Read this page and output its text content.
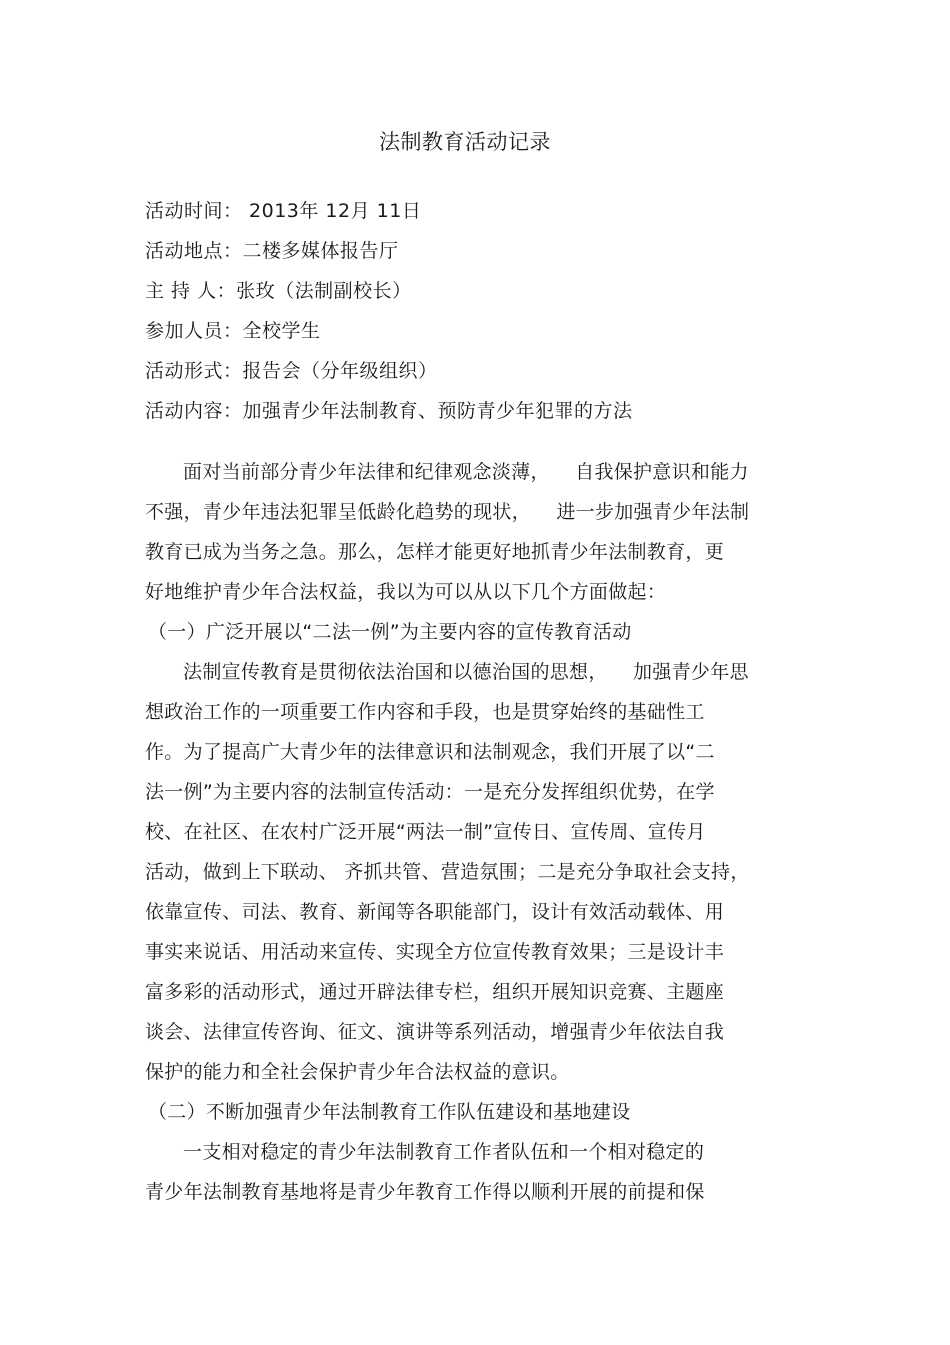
法制教育活动记录
活动时间： 2013年 12月 11日
活动地点：二楼多媒体报告厅
主 持 人：张玫（法制副校长）
参加人员：全校学生
活动形式：报告会（分年级组织）
活动内容：加强青少年法制教育、预防青少年犯罪的方法
面对当前部分青少年法律和纪律观念淡薄，    自我保护意识和能力
不强，青少年违法犯罪呈低龄化趋势的现状，    进一步加强青少年法制
教育已成为当务之急。那么，怎样才能更好地抓青少年法制教育，更
好地维护青少年合法权益，我以为可以从以下几个方面做起：
（一）广泛开展以“二法一例”为主要内容的宣传教育活动
法制宣传教育是贯彻依法治国和以德治国的思想，    加强青少年思
想政治工作的一项重要工作内容和手段，也是贯穿始终的基础性工
作。为了提高广大青少年的法律意识和法制观念，我们开展了以“二
法一例”为主要内容的法制宣传活动：一是充分发挥组织优势，在学
校、在社区、在农村广泛开展“两法一制”宣传日、宣传周、宣传月
活动，做到上下联动、 齐抓共管、营造氛围；二是充分争取社会支持，
依靠宣传、司法、教育、新闻等各职能部门，设计有效活动载体、用
事实来说话、用活动来宣传、实现全方位宣传教育效果；三是设计丰
富多彩的活动形式，通过开辟法律专栏，组织开展知识竞赛、主题座
谈会、法律宣传咨询、征文、演讲等系列活动，增强青少年依法自我
保护的能力和全社会保护青少年合法权益的意识。
（二）不断加强青少年法制教育工作队伍建设和基地建设
一支相对稳定的青少年法制教育工作者队伍和一个相对稳定的
青少年法制教育基地将是青少年教育工作得以顺利开展的前提和保
